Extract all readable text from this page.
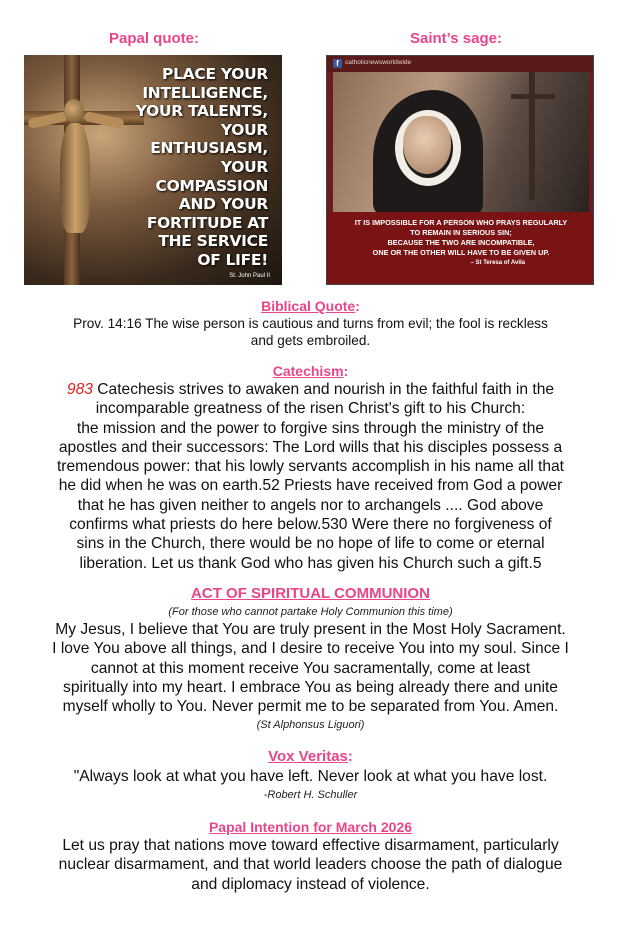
Papal quote:	Saint’s sage:
PLACE YOUR
INTELLIGENCE,
YOUR TALENTS,
YOUR
ENTHUSIASM,
YOUR
COMPASSION
AND YOUR
FORTITUDE AT
THE SERVICE
OF LIFE!
St. John Paul II
f catholicnewsworldwide
IT IS IMPOSSIBLE FOR A PERSON WHO PRAYS REGULARLY
TO REMAIN IN SERIOUS SIN;
BECAUSE THE TWO ARE INCOMPATIBLE,
ONE OR THE OTHER WILL HAVE TO BE GIVEN UP.
– St Teresa of Avila
Biblical Quote:
Prov. 14:16 The wise person is cautious and turns from evil; the fool is reckless
and gets embroiled.
Catechism:
983 Catechesis strives to awaken and nourish in the faithful faith in the
incomparable greatness of the risen Christ's gift to his Church:
the mission and the power to forgive sins through the ministry of the
apostles and their successors: The Lord wills that his disciples possess a
tremendous power: that his lowly servants accomplish in his name all that
he did when he was on earth.52 Priests have received from God a power
that he has given neither to angels nor to archangels .... God above
confirms what priests do here below.530 Were there no forgiveness of
sins in the Church, there would be no hope of life to come or eternal
liberation. Let us thank God who has given his Church such a gift.5
ACT OF SPIRITUAL COMMUNION
(For those who cannot partake Holy Communion this time)
My Jesus, I believe that You are truly present in the Most Holy Sacrament.
I love You above all things, and I desire to receive You into my soul. Since I
cannot at this moment receive You sacramentally, come at least
spiritually into my heart. I embrace You as being already there and unite
myself wholly to You. Never permit me to be separated from You. Amen.
(St Alphonsus Liguori)
Vox Veritas:
"Always look at what you have left. Never look at what you have lost.
-Robert H. Schuller
Papal Intention for March 2026
Let us pray that nations move toward effective disarmament, particularly
nuclear disarmament, and that world leaders choose the path of dialogue
and diplomacy instead of violence.
